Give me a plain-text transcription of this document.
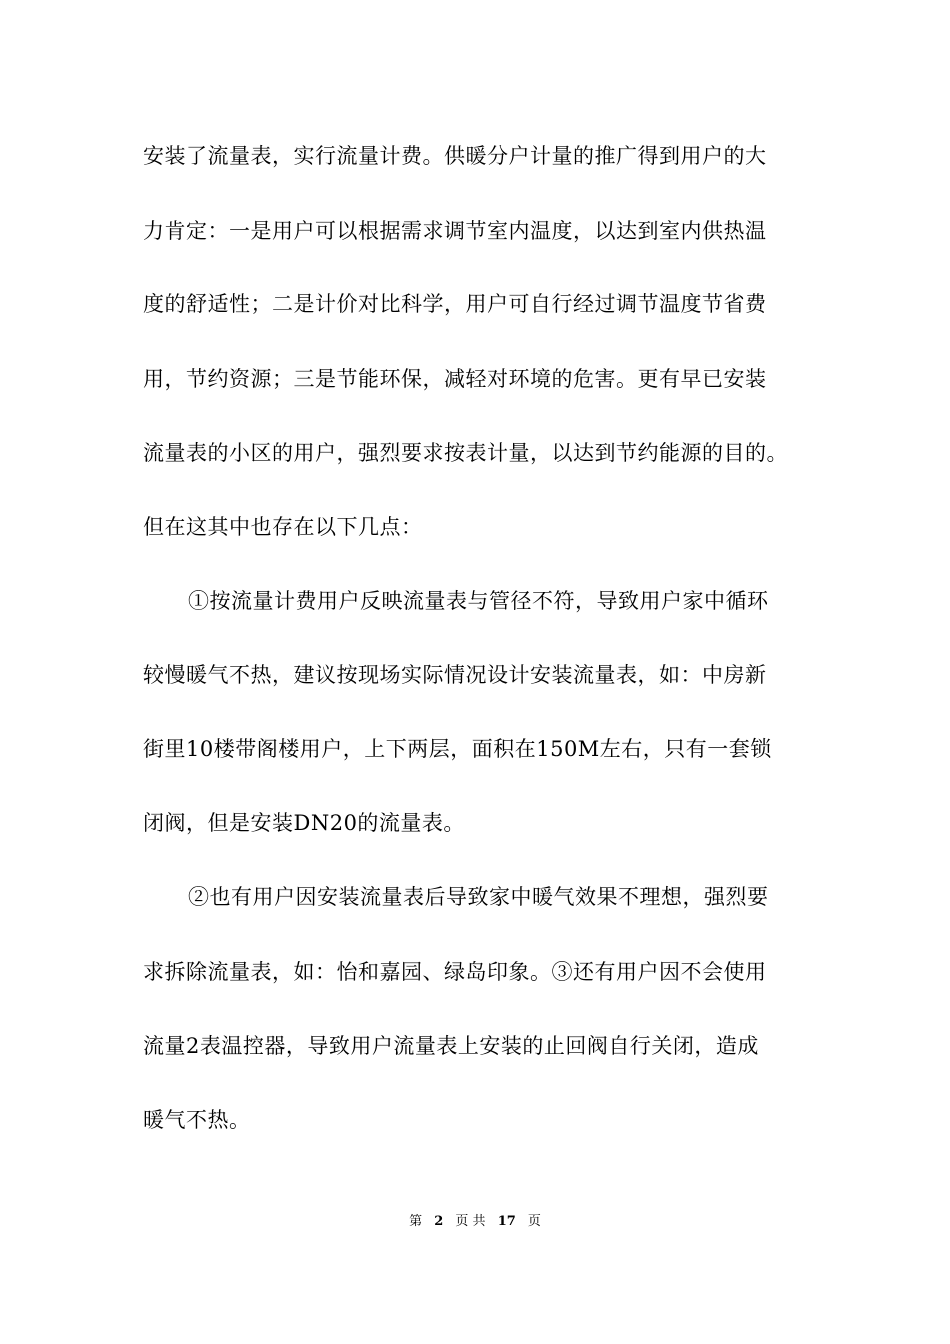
安装了流量表，实行流量计费。供暖分户计量的推广得到用户的大
力肯定：一是用户可以根据需求调节室内温度，以达到室内供热温
度的舒适性；二是计价对比科学，用户可自行经过调节温度节省费
用，节约资源；三是节能环保，减轻对环境的危害。更有早已安装
流量表的小区的用户，强烈要求按表计量，以达到节约能源的目的。
但在这其中也存在以下几点：
①按流量计费用户反映流量表与管径不符，导致用户家中循环
较慢暖气不热，建议按现场实际情况设计安装流量表，如：中房新
街里10楼带阁楼用户，上下两层，面积在150M左右，只有一套锁
闭阀，但是安装DN20的流量表。
②也有用户因安装流量表后导致家中暖气效果不理想，强烈要
求拆除流量表，如：怡和嘉园、绿岛印象。③还有用户因不会使用
流量2表温控器，导致用户流量表上安装的止回阀自行关闭，造成
暖气不热。
第 2 页 共 17 页
